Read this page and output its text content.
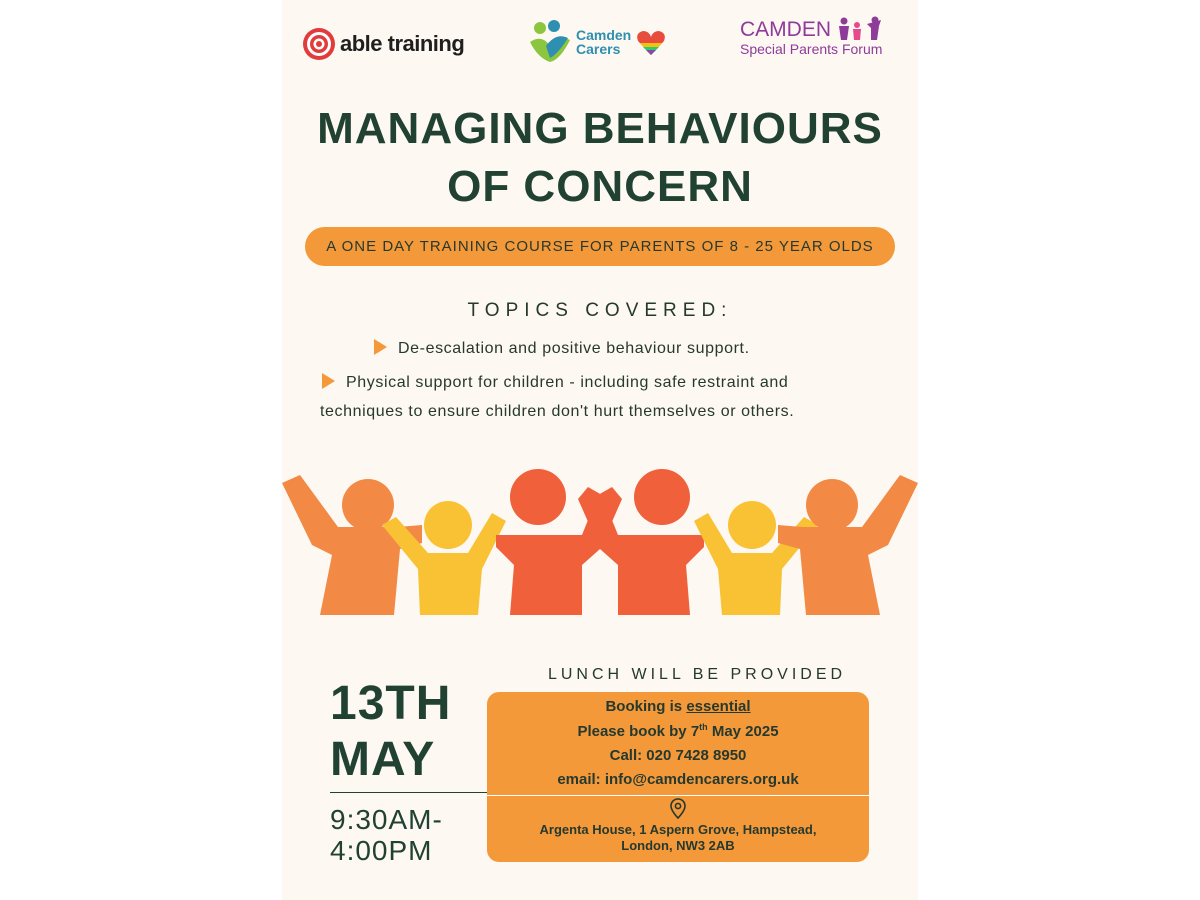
able training	Camden
Carers
CAMDEN
Special Parents Forum
MANAGING BEHAVIOURS
OF CONCERN
A ONE DAY TRAINING COURSE FOR PARENTS OF 8 - 25 YEAR OLDS
TOPICS COVERED:
De-escalation and positive behaviour support.
Physical support for children - including safe restraint and
techniques to ensure children don't hurt themselves or others.
13TH
MAY
9:30AM-
4:00PM
LUNCH WILL BE PROVIDED
Booking is essential
Please book by 7th May 2025
Call: 020 7428 8950
email: info@camdencarers.org.uk
Argenta House, 1 Aspern Grove, Hampstead,
London, NW3 2AB
